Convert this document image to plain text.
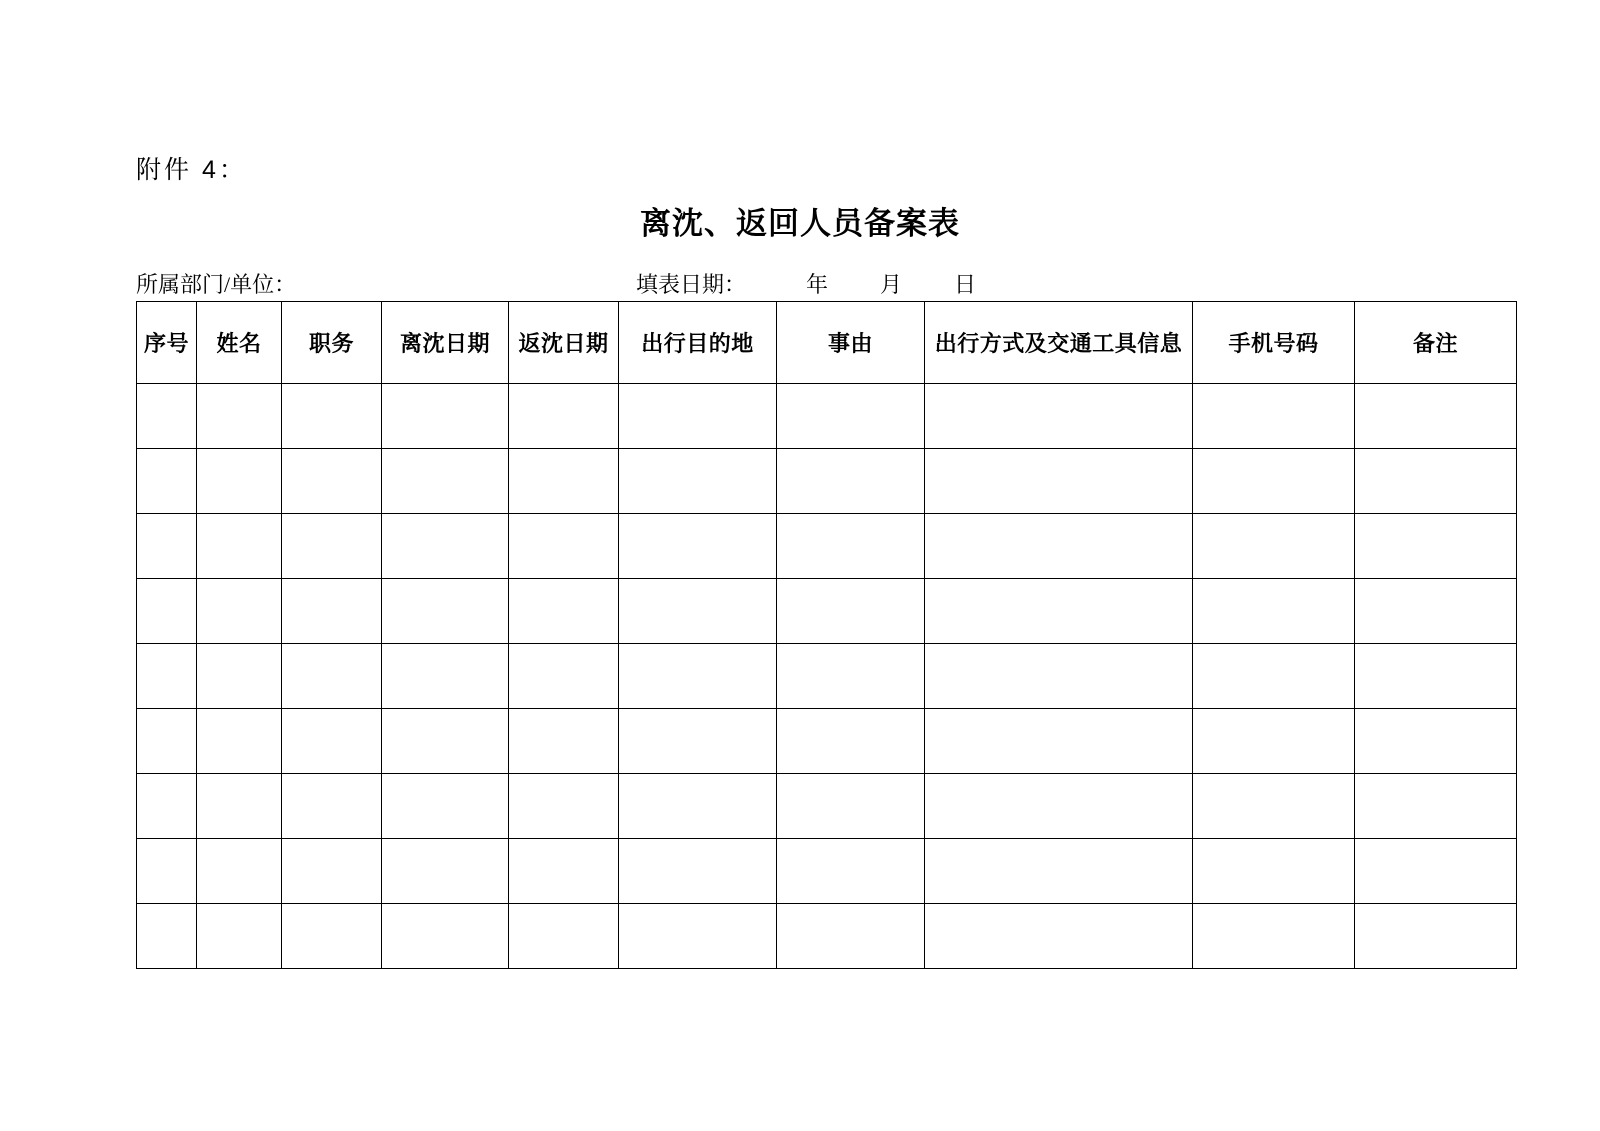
附件 4：
离沈、返回人员备案表
所属部门/单位：	填表日期：	年 月 日
序号	姓名	职务	离沈日期	返沈日期	出行目的地	事由	出行方式及交通工具信息	手机号码	备注
